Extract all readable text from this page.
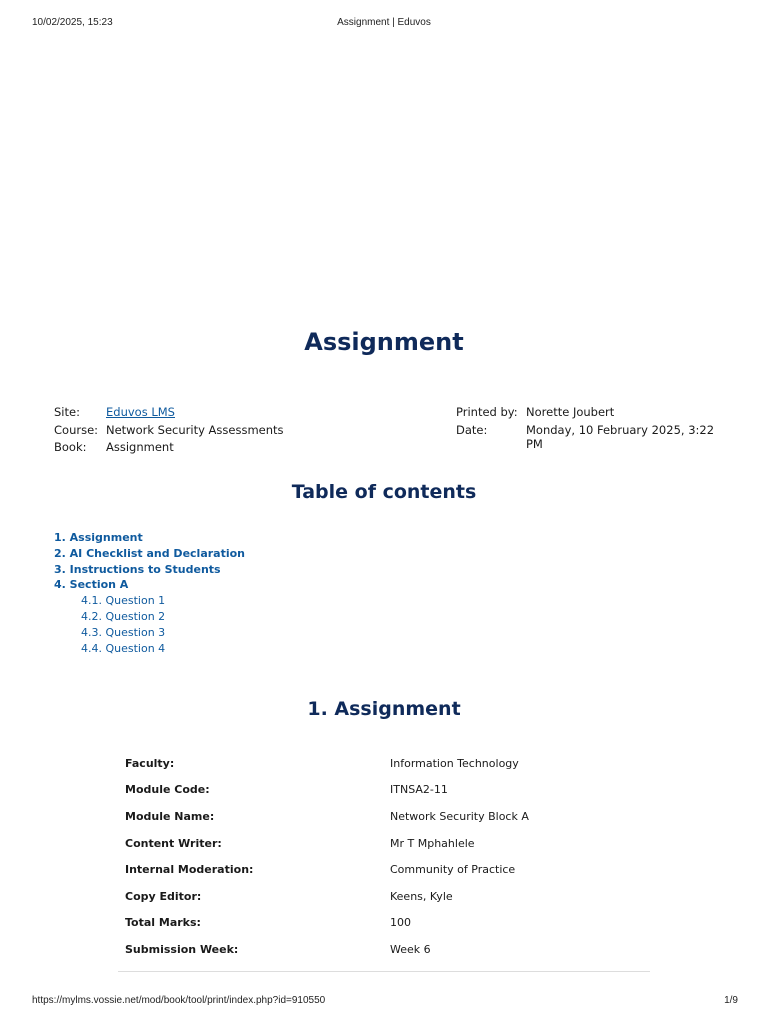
10/02/2025, 15:23	Assignment | Eduvos
Assignment
Site: Eduvos LMS	Printed by: Norette Joubert
Course: Network Security Assessments	Date:	Monday, 10 February 2025, 3:22 PM
Book: Assignment
Table of contents
1. Assignment
2. AI Checklist and Declaration
3. Instructions to Students
4. Section A
4.1. Question 1
4.2. Question 2
4.3. Question 3
4.4. Question 4
1. Assignment
Faculty:	Information Technology
Module Code:	ITNSA2-11
Module Name:	Network Security Block A
Content Writer:	Mr T Mphahlele
Internal Moderation:	Community of Practice
Copy Editor:	Keens, Kyle
Total Marks:	100
Submission Week:	Week 6
https://mylms.vossie.net/mod/book/tool/print/index.php?id=910550	1/9
